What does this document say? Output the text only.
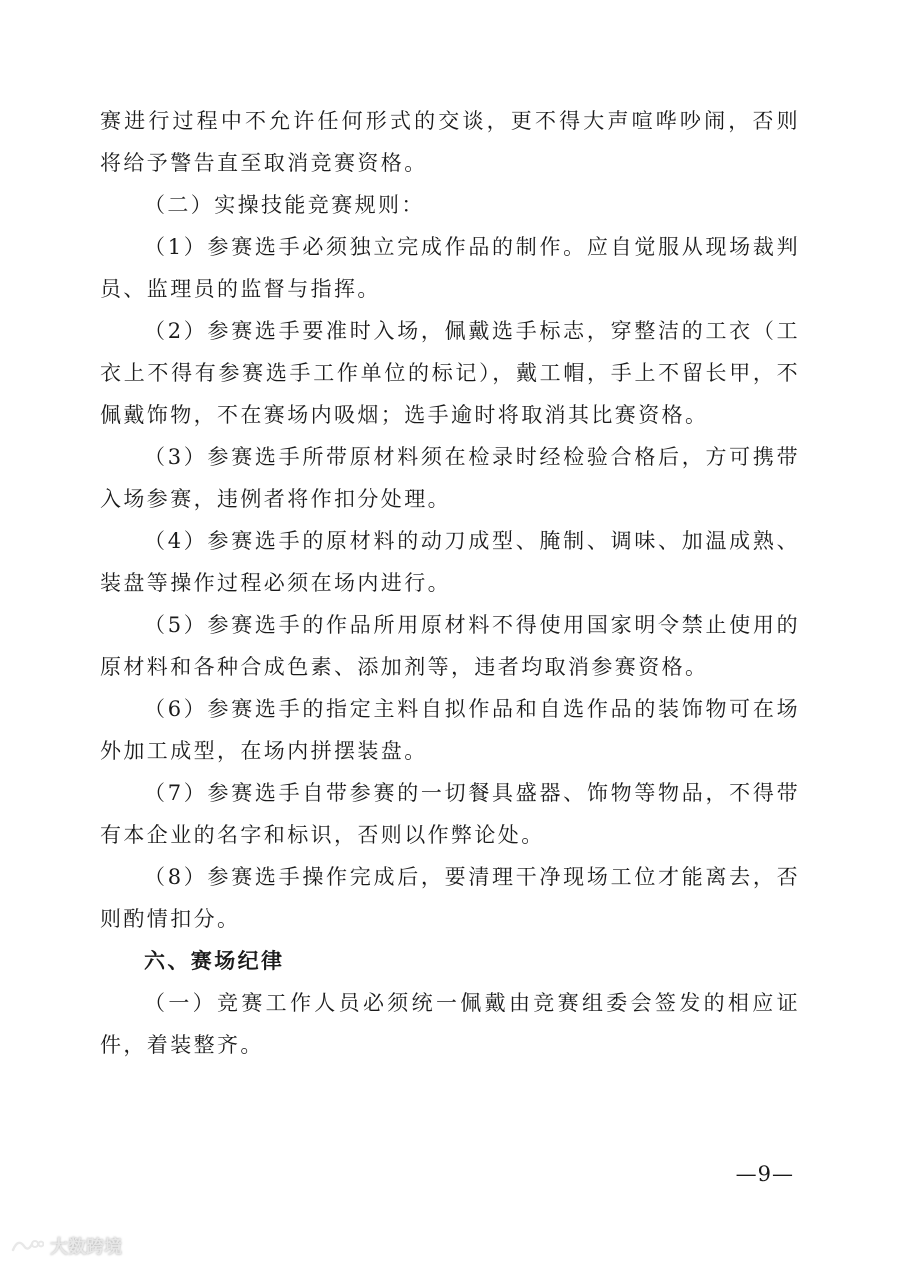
赛进行过程中不允许任何形式的交谈，更不得大声喧哗吵闹，否则将给予警告直至取消竞赛资格。

（二）实操技能竞赛规则：

（1）参赛选手必须独立完成作品的制作。应自觉服从现场裁判员、监理员的监督与指挥。

（2）参赛选手要准时入场，佩戴选手标志，穿整洁的工衣（工衣上不得有参赛选手工作单位的标记），戴工帽，手上不留长甲，不佩戴饰物，不在赛场内吸烟；选手逾时将取消其比赛资格。

（3）参赛选手所带原材料须在检录时经检验合格后，方可携带入场参赛，违例者将作扣分处理。

（4）参赛选手的原材料的动刀成型、腌制、调味、加温成熟、装盘等操作过程必须在场内进行。

（5）参赛选手的作品所用原材料不得使用国家明令禁止使用的原材料和各种合成色素、添加剂等，违者均取消参赛资格。

（6）参赛选手的指定主料自拟作品和自选作品的装饰物可在场外加工成型，在场内拼摆装盘。

（7）参赛选手自带参赛的一切餐具盛器、饰物等物品，不得带有本企业的名字和标识，否则以作弊论处。

（8）参赛选手操作完成后，要清理干净现场工位才能离去，否则酌情扣分。

六、赛场纪律

（一）竞赛工作人员必须统一佩戴由竞赛组委会签发的相应证件，着装整齐。

—9—
大数跨境
